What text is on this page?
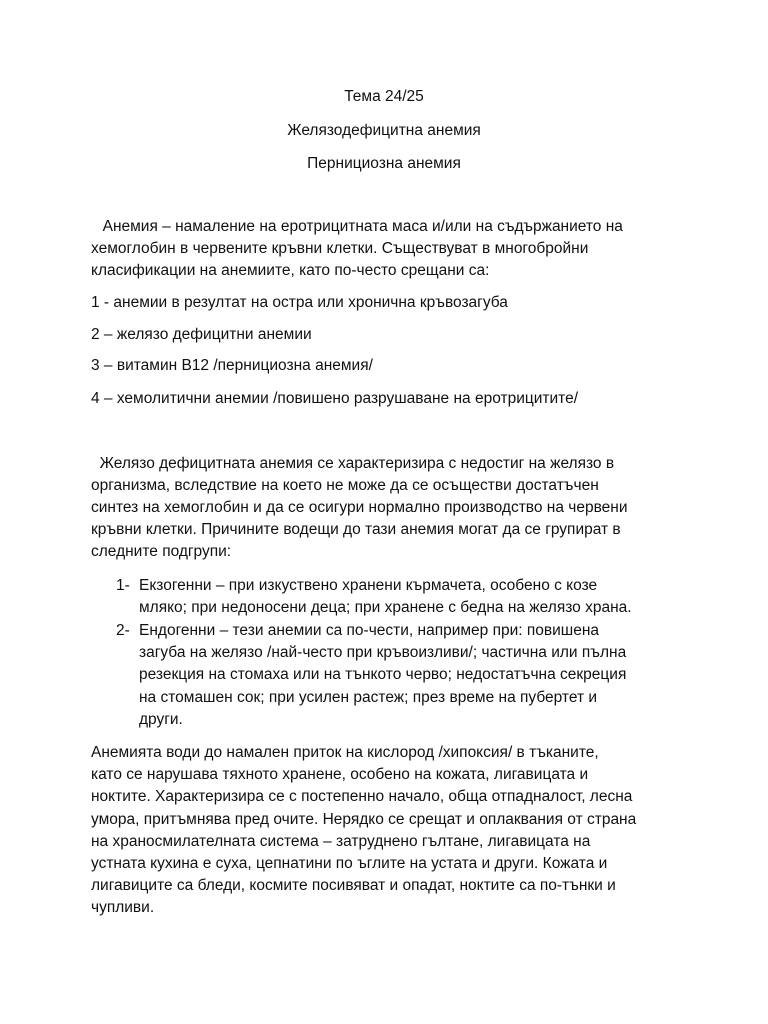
Тема 24/25
Желязодефицитна анемия
Пернициозна анемия
Анемия – намаление на еротрицитната маса и/или на съдържанието на
хемоглобин в червените кръвни клетки. Съществуват в многобройни
класификации на анемиите, като по-често срещани са:
1 - анемии в резултат на остра или хронична кръвозагуба
2 – желязо дефицитни анемии
3 – витамин В12 /пернициозна анемия/
4 – хемолитични анемии /повишено разрушаване на еротрицитите/
Желязо дефицитната анемия се характеризира с недостиг на желязо в
организма, вследствие на което не може да се осъществи достатъчен
синтез на хемоглобин и да се осигури нормално производство на червени
кръвни клетки. Причините водещи до тази анемия могат да се групират в
следните подгрупи:
1- Екзогенни – при изкуствено хранени кърмачета, особено с козе
мляко; при недоносени деца; при хранене с бедна на желязо храна.
2- Ендогенни – тези анемии са по-чести, например при: повишена
загуба на желязо /най-често при кръвоизливи/; частична или пълна
резекция на стомаха или на тънкото черво; недостатъчна секреция
на стомашен сок; при усилен растеж; през време на пубертет и
други.
Анемията води до намален приток на кислород /хипоксия/ в тъканите,
като се нарушава тяхното хранене, особено на кожата, лигавицата и
ноктите. Характеризира се с постепенно начало, обща отпадналост, лесна
умора, притъмнява пред очите. Нерядко се срещат и оплаквания от страна
на храносмилателната система – затруднено гълтане, лигавицата на
устната кухина е суха, цепнатини по ъглите на устата и други. Кожата и
лигавиците са бледи, космите посивяват и опадат, ноктите са по-тънки и
чупливи.
